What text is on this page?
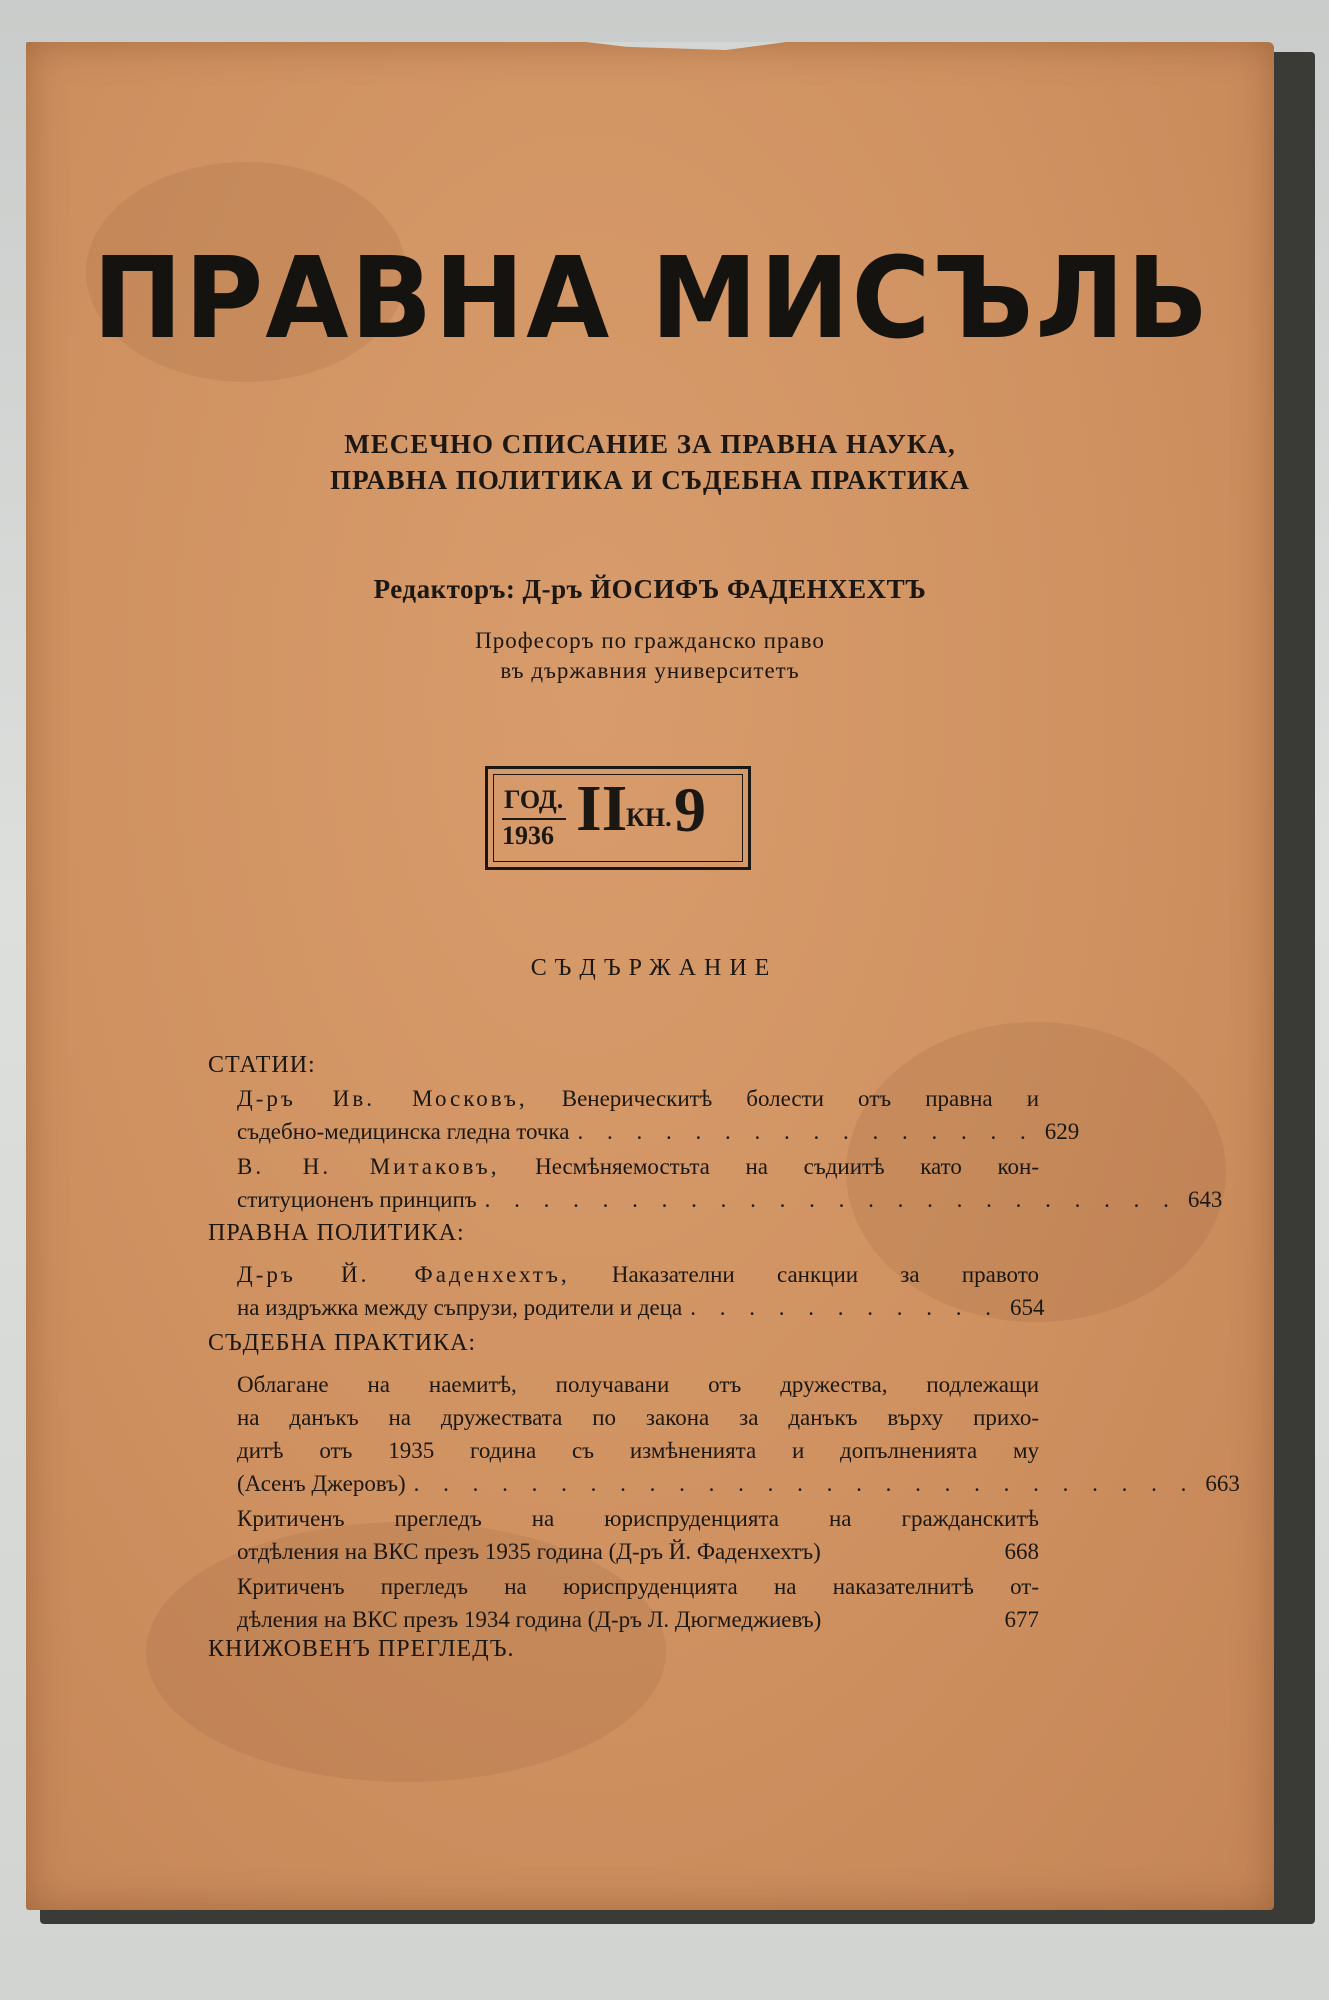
ПРАВНА МИСЪЛЬ
МЕСЕЧНО СПИСАНИЕ ЗА ПРАВНА НАУКА,
ПРАВНА ПОЛИТИКА И СЪДЕБНА ПРАКТИКА
Редакторъ: Д-ръ ЙОСИФЪ ФАДЕНХЕХТЪ
Професоръ по гражданско право
въ държавния университетъ
ГОД.
1936 II
КН. 9
СЪДЪРЖАНИЕ
СТАТИИ:
Д-ръ Ив. Московъ, Венерическитѣ болести отъ правна и
съдебно-медицинска гледна точка . . . . . . . . . . . . . . . . 629
В. Н. Митаковъ, Несмѣняемостьта на съдиитѣ като кон-
ституционенъ принципъ . . . . . . . . . . . . . . . . . . . . . . . . 643
ПРАВНА ПОЛИТИКА:
Д-ръ Й. Фаденхехтъ, Наказателни санкции за правото
на издръжка между съпрузи, родители и деца . . . . . . . . . . . 654
СЪДЕБНА ПРАКТИКА:
Облагане на наемитѣ, получавани отъ дружества, подлежащи
на данъкъ на дружествата по закона за данъкъ върху прихо-
дитѣ отъ 1935 година съ измѣненията и допълненията му
(Асенъ Джеровъ) . . . . . . . . . . . . . . . . . . . . . . . . . . . 663
Критиченъ прегледъ на юриспруденцията на гражданскитѣ
отдѣления на ВКС презъ 1935 година (Д-ръ Й. Фаденхехтъ)	668
Критиченъ прегледъ на юриспруденцията на наказателнитѣ от-
дѣления на ВКС презъ 1934 година (Д-ръ Л. Дюгмеджиевъ)	677
КНИЖОВЕНЪ ПРЕГЛЕДЪ.
